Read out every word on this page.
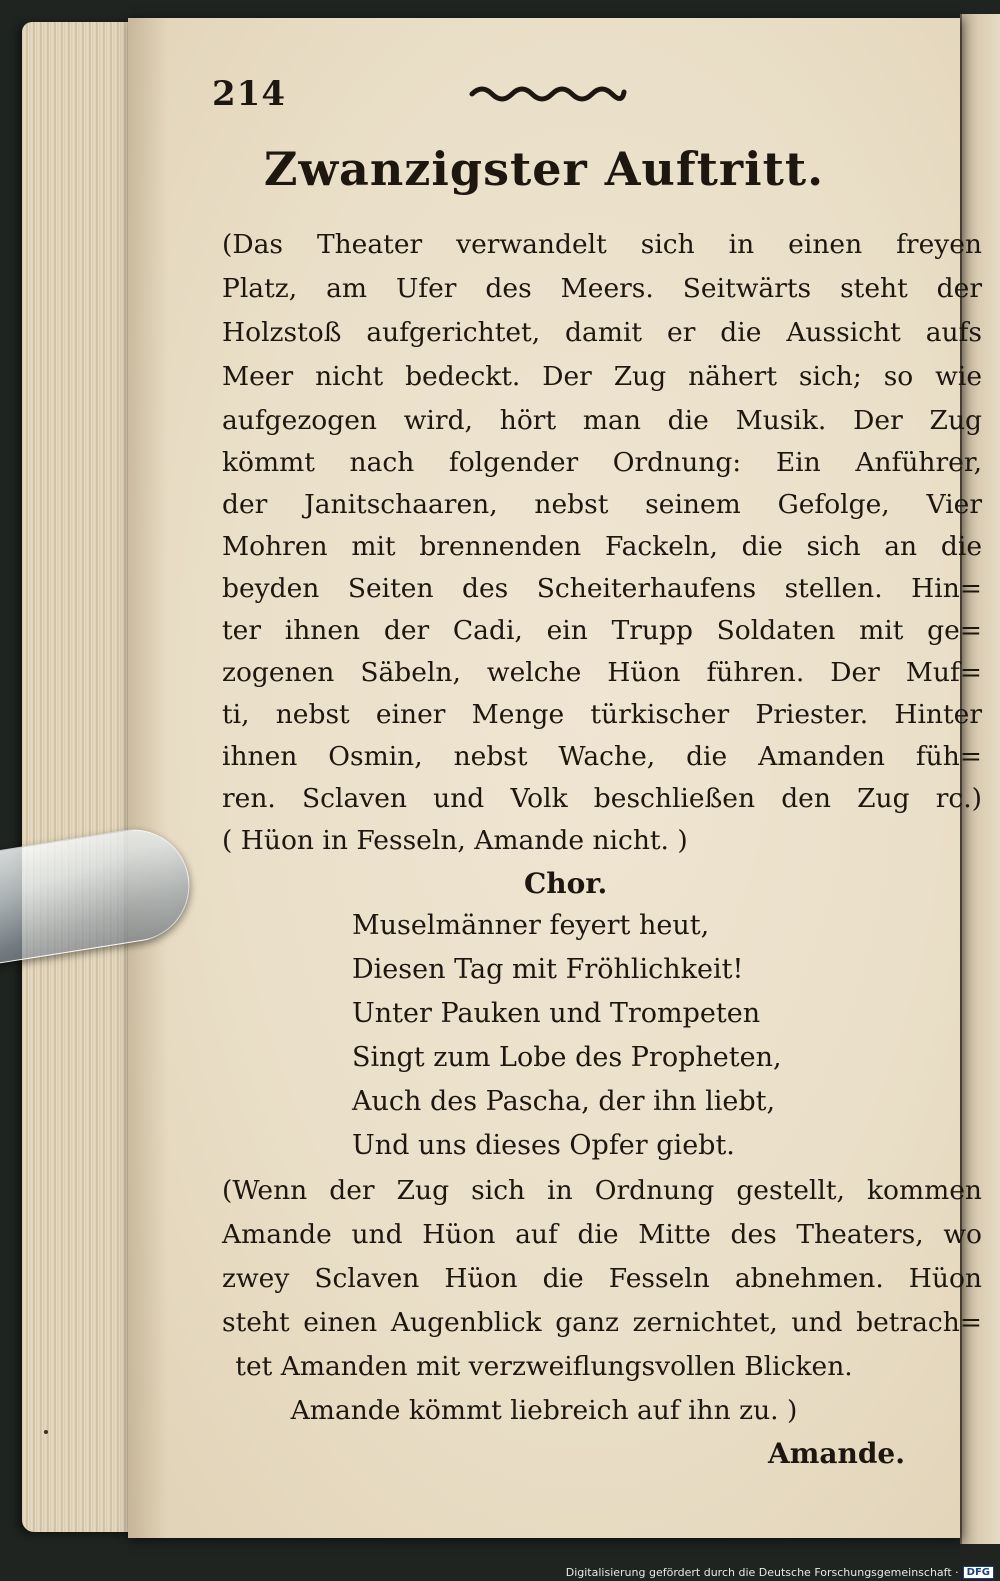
214
Zwanzigster Auftritt.
(Das Theater verwandelt sich in einen freyen
Platz, am Ufer des Meers. Seitwärts steht der
Holzstoß aufgerichtet, damit er die Aussicht aufs
Meer nicht bedeckt. Der Zug nähert sich; so wie
aufgezogen wird, hört man die Musik. Der Zug
kömmt nach folgender Ordnung: Ein Anführer,
der Janitschaaren, nebst seinem Gefolge, Vier
Mohren mit brennenden Fackeln, die sich an die
beyden Seiten des Scheiterhaufens stellen. Hin=
ter ihnen der Cadi, ein Trupp Soldaten mit ge=
zogenen Säbeln, welche Hüon führen. Der Muf=
ti, nebst einer Menge türkischer Priester. Hinter
ihnen Osmin, nebst Wache, die Amanden füh=
ren. Sclaven und Volk beschließen den Zug rc.)
( Hüon in Fesseln, Amande nicht. )
Chor.
Muselmänner feyert heut,
Diesen Tag mit Fröhlichkeit!
Unter Pauken und Trompeten
Singt zum Lobe des Propheten,
Auch des Pascha, der ihn liebt,
Und uns dieses Opfer giebt.
(Wenn der Zug sich in Ordnung gestellt, kommen
Amande und Hüon auf die Mitte des Theaters, wo
zwey Sclaven Hüon die Fesseln abnehmen. Hüon
steht einen Augenblick ganz zernichtet, und betrach=
tet Amanden mit verzweiflungsvollen Blicken.
Amande kömmt liebreich auf ihn zu. )
Amande.
Digitalisierung gefördert durch die Deutsche Forschungsgemeinschaft · DFG
